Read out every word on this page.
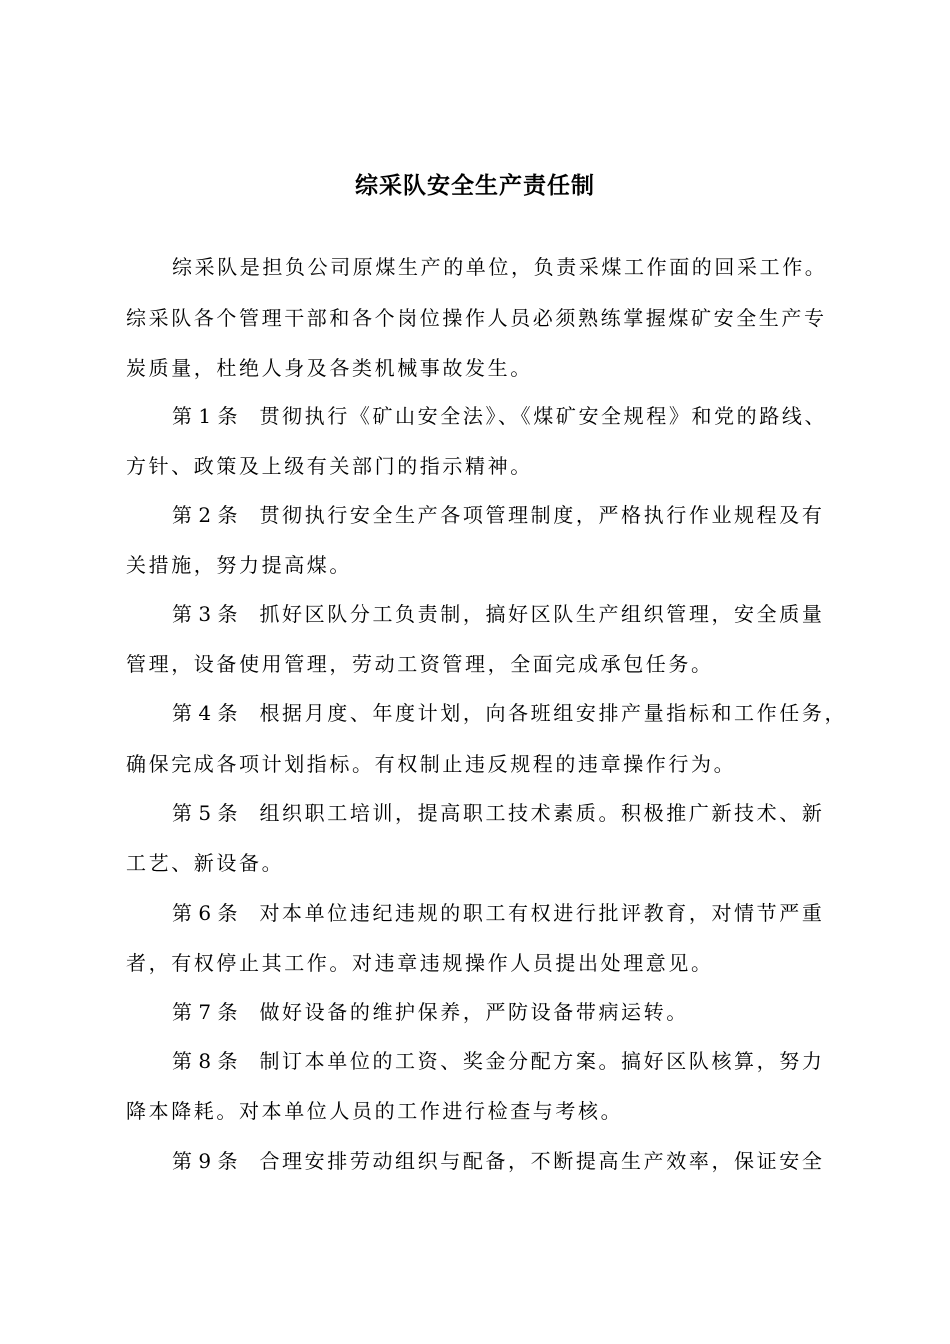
综采队安全生产责任制
综采队是担负公司原煤生产的单位，负责采煤工作面的回采工作。
综采队各个管理干部和各个岗位操作人员必须熟练掌握煤矿安全生产专
炭质量，杜绝人身及各类机械事故发生。
第 1 条 贯彻执行《矿山安全法》、《煤矿安全规程》和党的路线、
方针、政策及上级有关部门的指示精神。
第 2 条 贯彻执行安全生产各项管理制度，严格执行作业规程及有
关措施，努力提高煤。
第 3 条 抓好区队分工负责制，搞好区队生产组织管理，安全质量
管理，设备使用管理，劳动工资管理，全面完成承包任务。
第 4 条 根据月度、年度计划，向各班组安排产量指标和工作任务，
确保完成各项计划指标。有权制止违反规程的违章操作行为。
第 5 条 组织职工培训，提高职工技术素质。积极推广新技术、新
工艺、新设备。
第 6 条 对本单位违纪违规的职工有权进行批评教育，对情节严重
者，有权停止其工作。对违章违规操作人员提出处理意见。
第 7 条 做好设备的维护保养，严防设备带病运转。
第 8 条 制订本单位的工资、奖金分配方案。搞好区队核算，努力
降本降耗。对本单位人员的工作进行检查与考核。
第 9 条 合理安排劳动组织与配备，不断提高生产效率，保证安全
